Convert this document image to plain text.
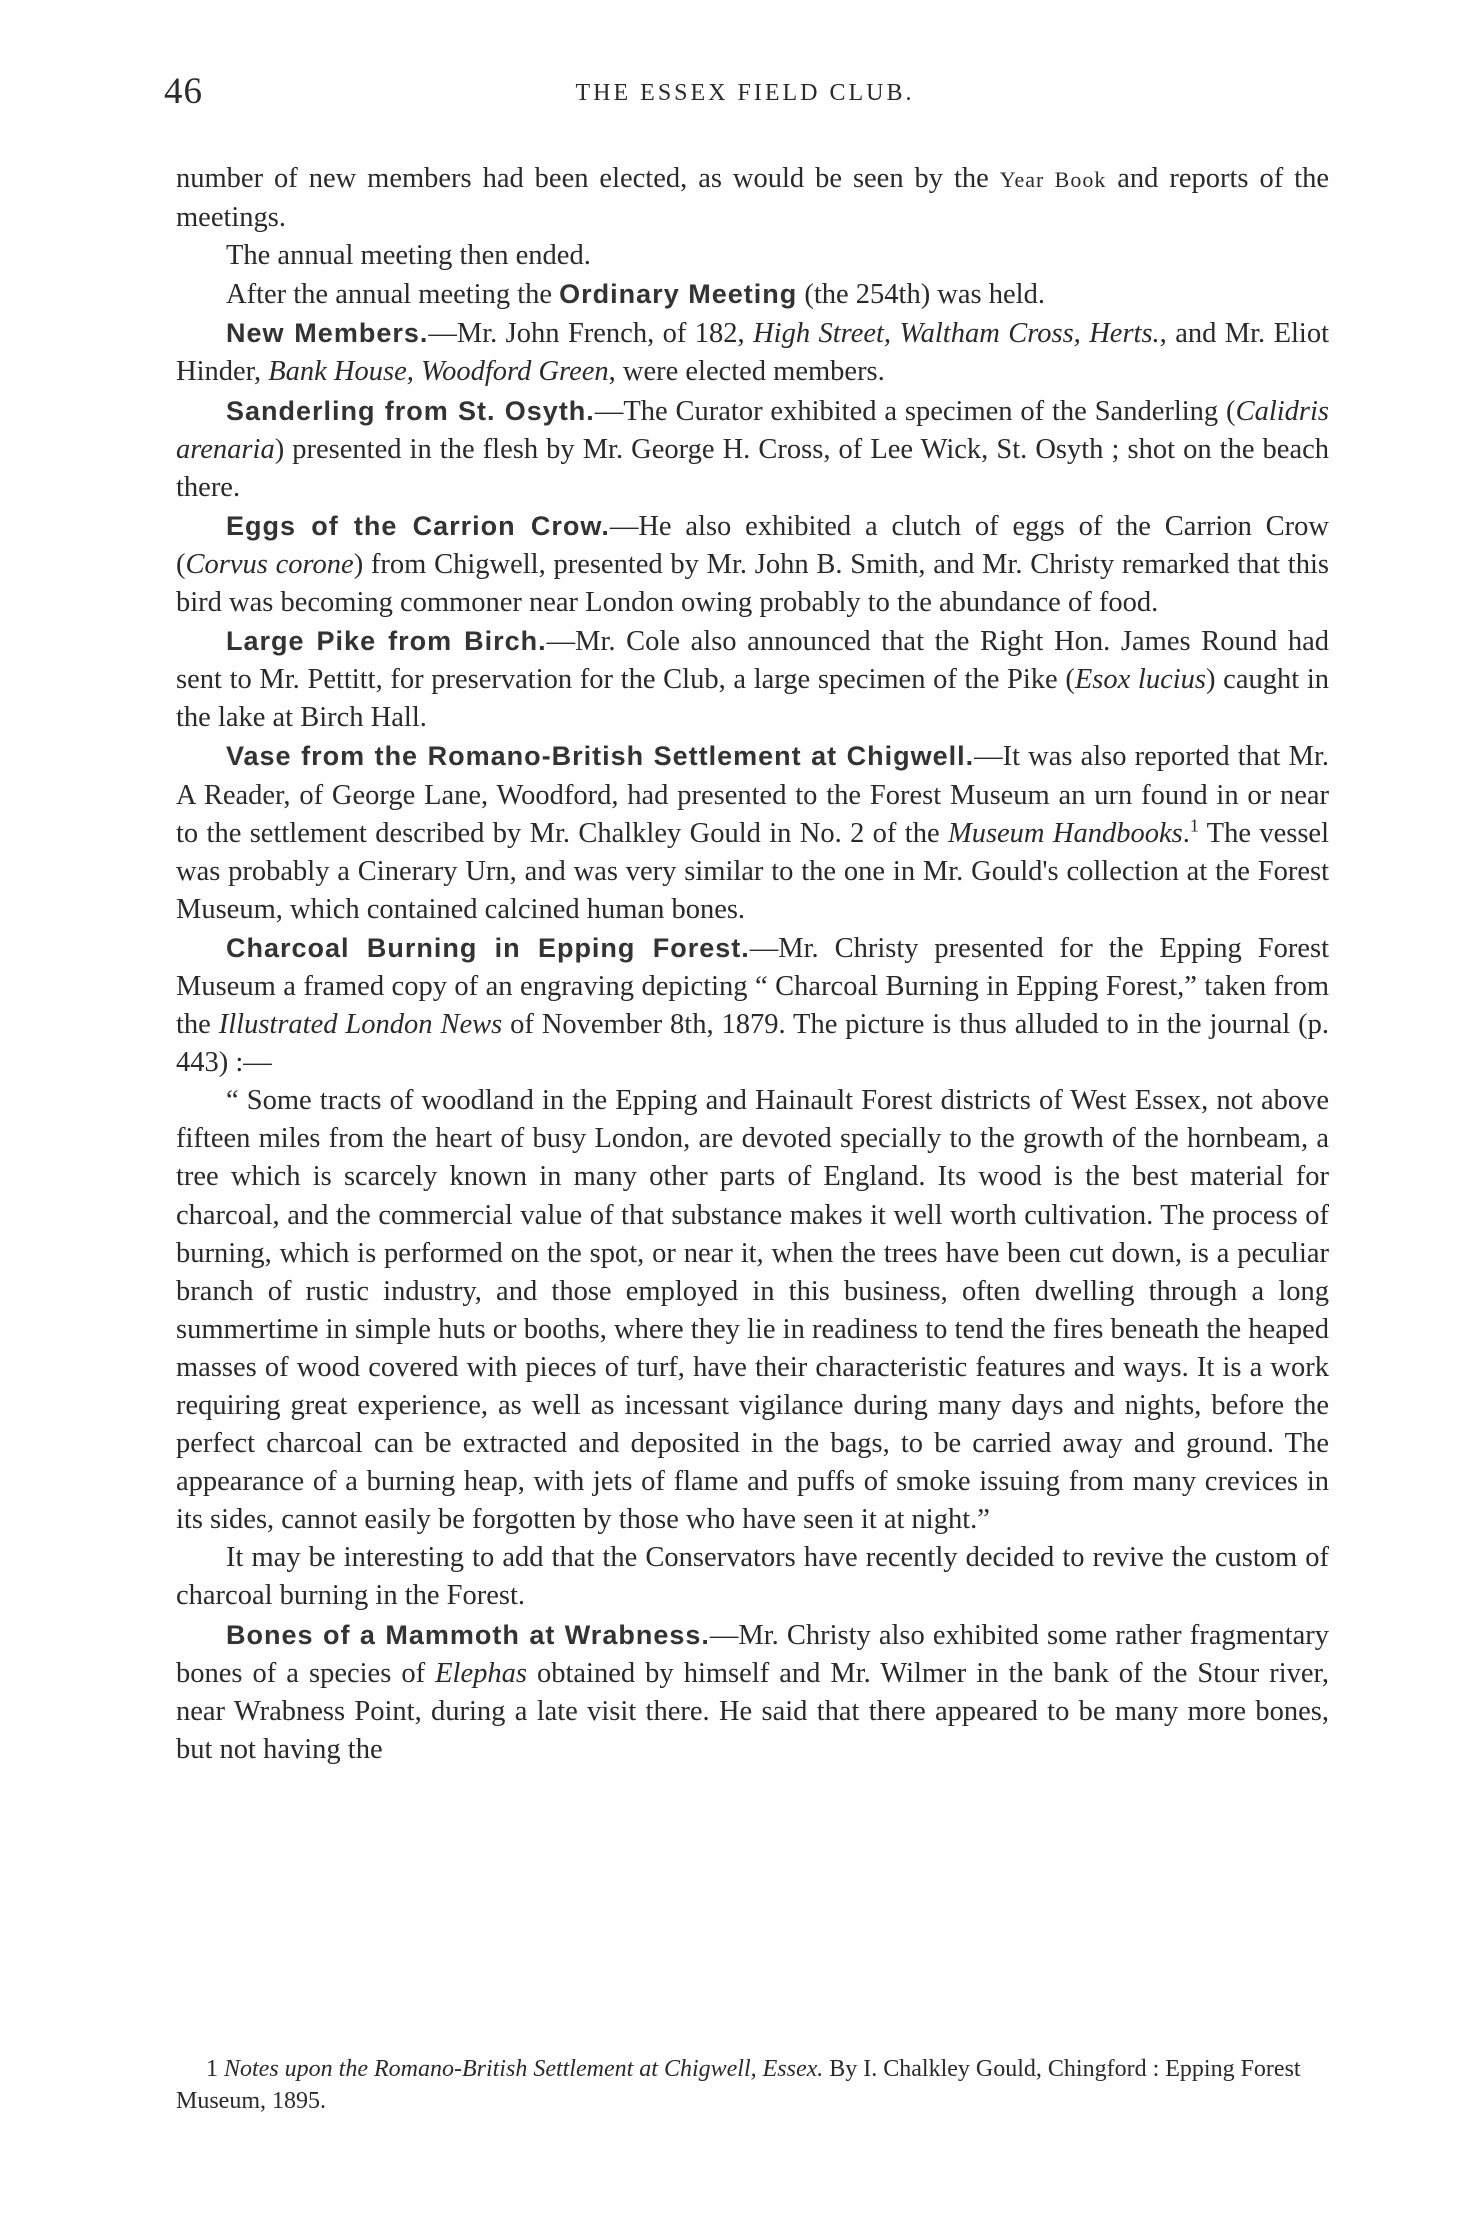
46	THE ESSEX FIELD CLUB.

number of new members had been elected, as would be seen by the Year Book and reports of the meetings.

The annual meeting then ended.

After the annual meeting the Ordinary Meeting (the 254th) was held.

New Members.—Mr. John French, of 182, High Street, Waltham Cross, Herts., and Mr. Eliot Hinder, Bank House, Woodford Green, were elected members.

Sanderling from St. Osyth.—The Curator exhibited a specimen of the Sanderling (Calidris arenaria) presented in the flesh by Mr. George H. Cross, of Lee Wick, St. Osyth ; shot on the beach there.

Eggs of the Carrion Crow.—He also exhibited a clutch of eggs of the Carrion Crow (Corvus corone) from Chigwell, presented by Mr. John B. Smith, and Mr. Christy remarked that this bird was becoming commoner near London owing probably to the abundance of food.

Large Pike from Birch.—Mr. Cole also announced that the Right Hon. James Round had sent to Mr. Pettitt, for preservation for the Club, a large specimen of the Pike (Esox lucius) caught in the lake at Birch Hall.

Vase from the Romano-British Settlement at Chigwell.—It was also reported that Mr. A Reader, of George Lane, Woodford, had presented to the Forest Museum an urn found in or near to the settlement described by Mr. Chalkley Gould in No. 2 of the Museum Handbooks.$^1$ The vessel was probably a Cinerary Urn, and was very similar to the one in Mr. Gould's collection at the Forest Museum, which contained calcined human bones.

Charcoal Burning in Epping Forest.—Mr. Christy presented for the Epping Forest Museum a framed copy of an engraving depicting “ Charcoal Burning in Epping Forest,” taken from the Illustrated London News of November 8th, 1879. The picture is thus alluded to in the journal (p. 443) :—

“ Some tracts of woodland in the Epping and Hainault Forest districts of West Essex, not above fifteen miles from the heart of busy London, are devoted specially to the growth of the hornbeam, a tree which is scarcely known in many other parts of England. Its wood is the best material for charcoal, and the commercial value of that substance makes it well worth cultivation. The process of burning, which is performed on the spot, or near it, when the trees have been cut down, is a peculiar branch of rustic industry, and those employed in this business, often dwelling through a long summertime in simple huts or booths, where they lie in readiness to tend the fires beneath the heaped masses of wood covered with pieces of turf, have their characteristic features and ways. It is a work requiring great experience, as well as incessant vigilance during many days and nights, before the perfect charcoal can be extracted and deposited in the bags, to be carried away and ground. The appearance of a burning heap, with jets of flame and puffs of smoke issuing from many crevices in its sides, cannot easily be forgotten by those who have seen it at night.”

It may be interesting to add that the Conservators have recently decided to revive the custom of charcoal burning in the Forest.

Bones of a Mammoth at Wrabness.—Mr. Christy also exhibited some rather fragmentary bones of a species of Elephas obtained by himself and Mr. Wilmer in the bank of the Stour river, near Wrabness Point, during a late visit there. He said that there appeared to be many more bones, but not having the

1 Notes upon the Romano-British Settlement at Chigwell, Essex. By I. Chalkley Gould, Chingford : Epping Forest Museum, 1895.
